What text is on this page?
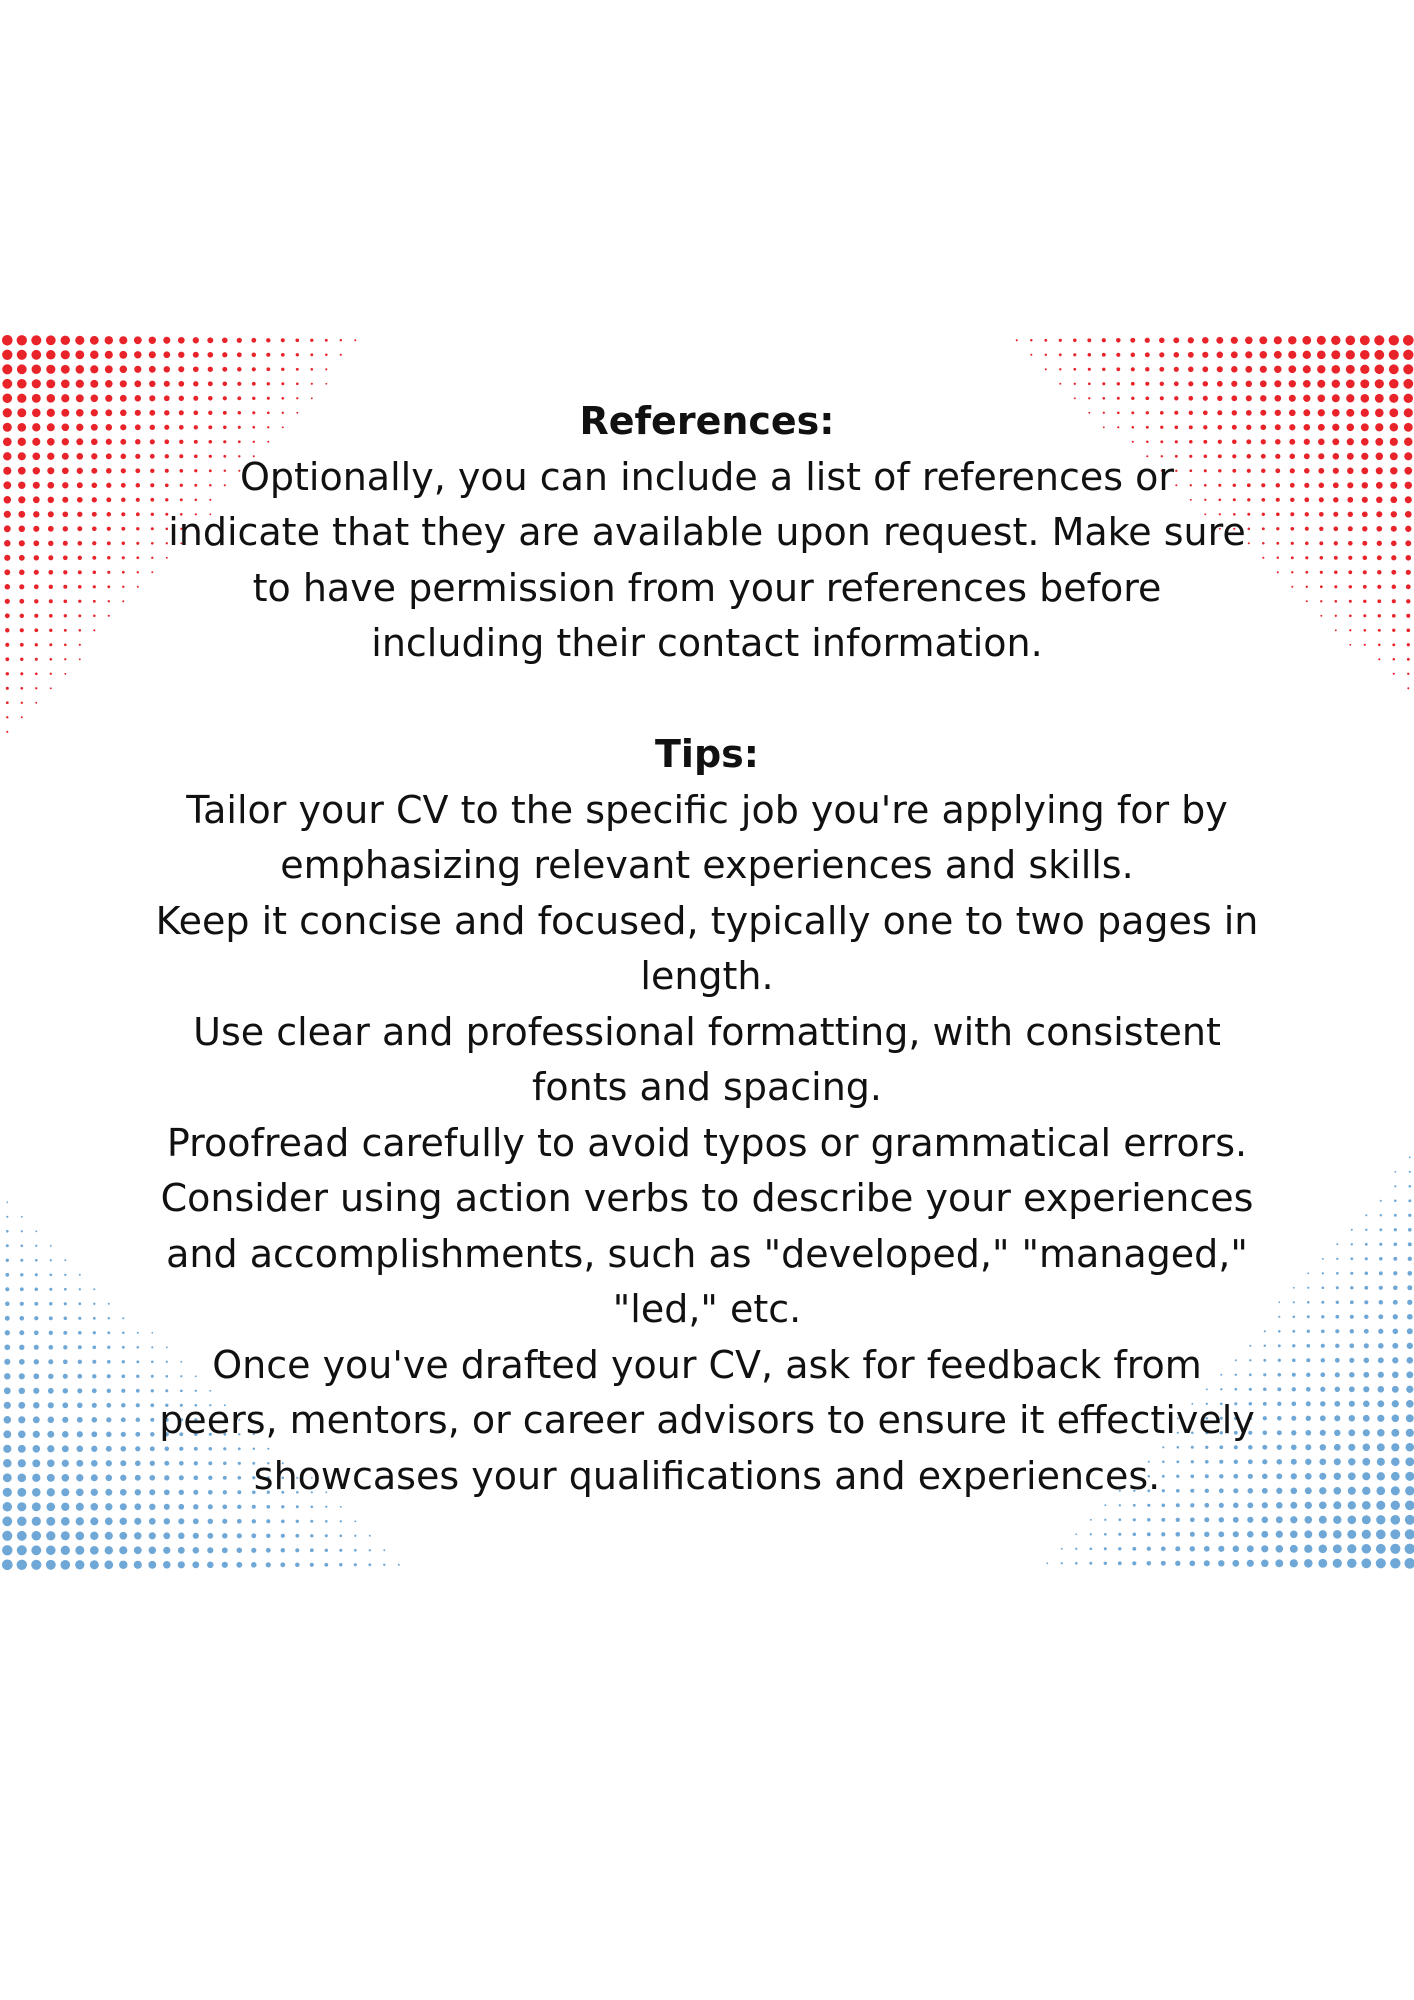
References:

Optionally, you can include a list of references or

indicate that they are available upon request. Make sure

to have permission from your references before

including their contact information.

Tips:

Tailor your CV to the specific job you're applying for by

emphasizing relevant experiences and skills.

Keep it concise and focused, typically one to two pages in

length.

Use clear and professional formatting, with consistent

fonts and spacing.

Proofread carefully to avoid typos or grammatical errors.

Consider using action verbs to describe your experiences

and accomplishments, such as "developed," "managed,"

"led," etc.

Once you've drafted your CV, ask for feedback from

peers, mentors, or career advisors to ensure it effectively

showcases your qualifications and experiences.
